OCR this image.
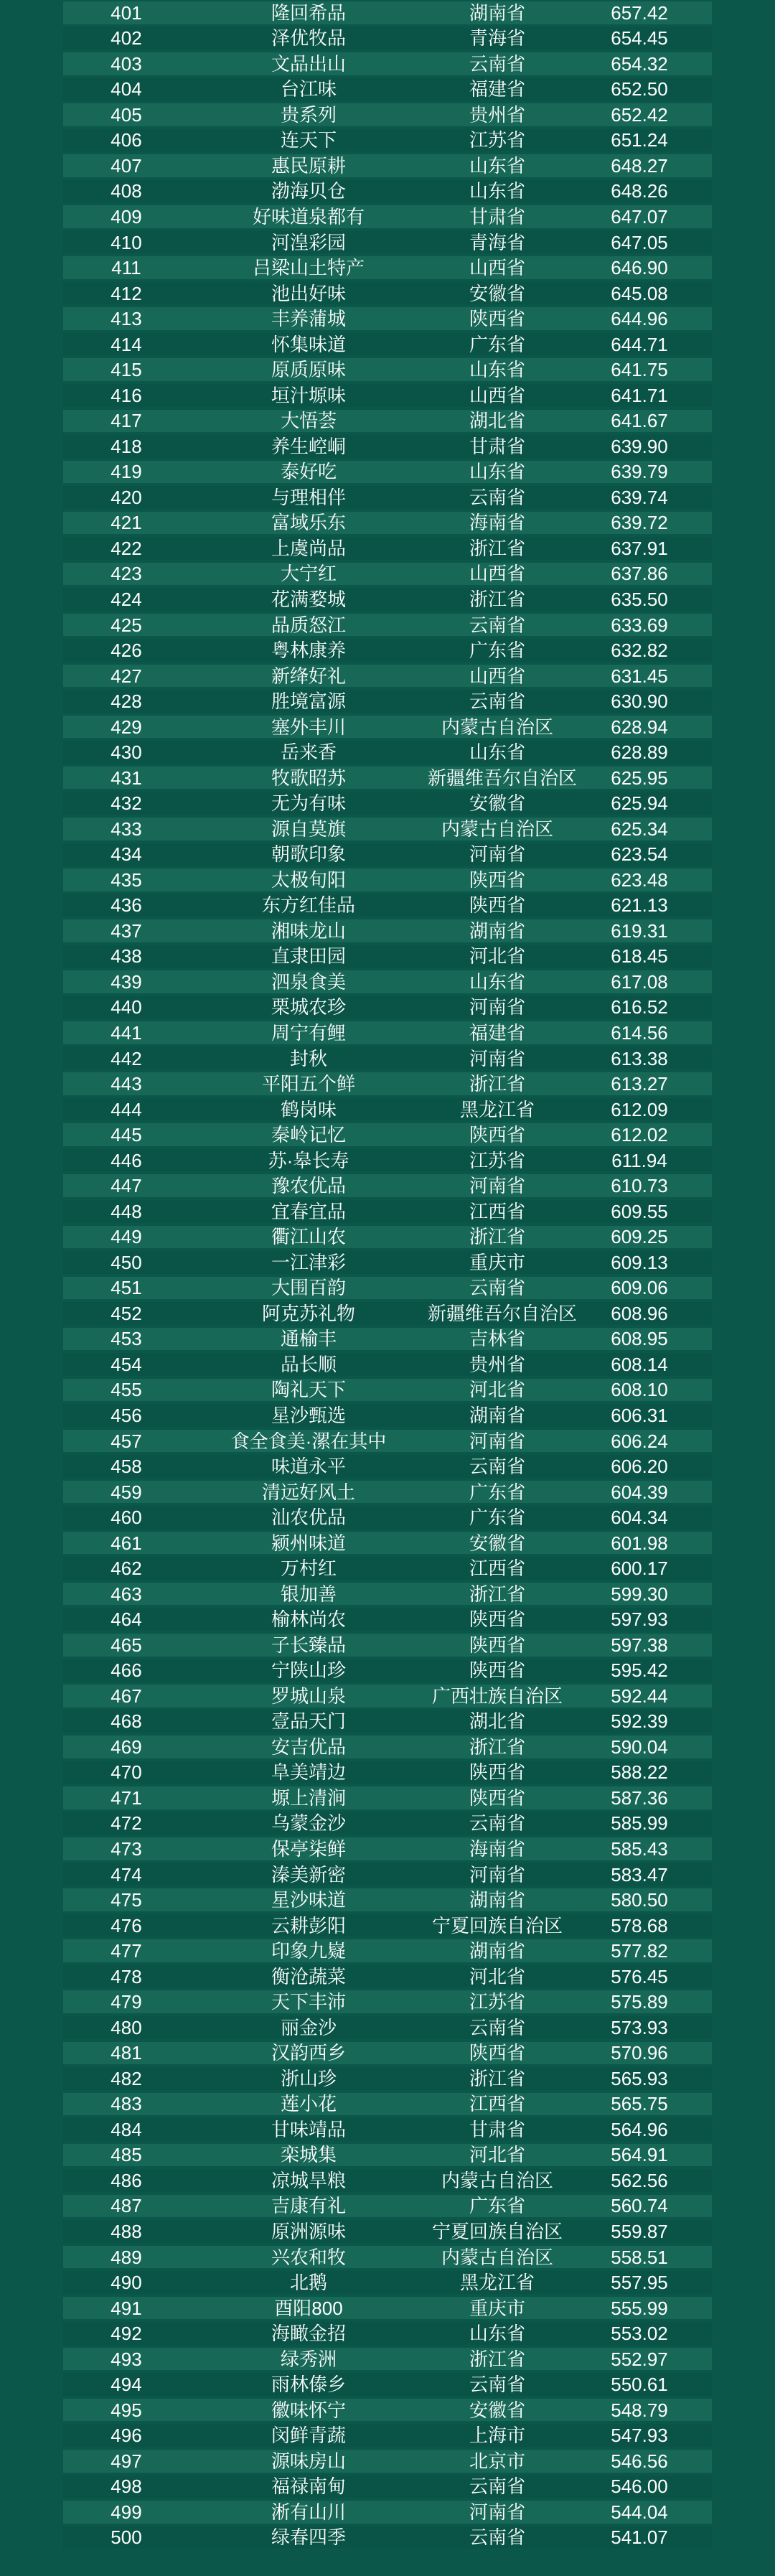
401	隆回希品	湖南省	657.42
402	泽优牧品	青海省	654.45
403	文品出山	云南省	654.32
404	台江味	福建省	652.50
405	贵系列	贵州省	652.42
406	连天下	江苏省	651.24
407	惠民原耕	山东省	648.27
408	渤海贝仓	山东省	648.26
409	好味道泉都有	甘肃省	647.07
410	河湟彩园	青海省	647.05
411	吕梁山土特产	山西省	646.90
412	池出好味	安徽省	645.08
413	丰养蒲城	陕西省	644.96
414	怀集味道	广东省	644.71
415	原质原味	山东省	641.75
416	垣汁塬味	山西省	641.71
417	大悟荟	湖北省	641.67
418	养生崆峒	甘肃省	639.90
419	泰好吃	山东省	639.79
420	与理相伴	云南省	639.74
421	富域乐东	海南省	639.72
422	上虞尚品	浙江省	637.91
423	大宁红	山西省	637.86
424	花满婺城	浙江省	635.50
425	品质怒江	云南省	633.69
426	粤林康养	广东省	632.82
427	新绛好礼	山西省	631.45
428	胜境富源	云南省	630.90
429	塞外丰川	内蒙古自治区	628.94
430	岳来香	山东省	628.89
431	牧歌昭苏	新疆维吾尔自治区	625.95
432	无为有味	安徽省	625.94
433	源自莫旗	内蒙古自治区	625.34
434	朝歌印象	河南省	623.54
435	太极旬阳	陕西省	623.48
436	东方红佳品	陕西省	621.13
437	湘味龙山	湖南省	619.31
438	直隶田园	河北省	618.45
439	泗泉食美	山东省	617.08
440	栗城农珍	河南省	616.52
441	周宁有鲤	福建省	614.56
442	封秋	河南省	613.38
443	平阳五个鲜	浙江省	613.27
444	鹤岗味	黑龙江省	612.09
445	秦岭记忆	陕西省	612.02
446	苏·皋长寿	江苏省	611.94
447	豫农优品	河南省	610.73
448	宜春宜品	江西省	609.55
449	衢江山农	浙江省	609.25
450	一江津彩	重庆市	609.13
451	大围百韵	云南省	609.06
452	阿克苏礼物	新疆维吾尔自治区	608.96
453	通榆丰	吉林省	608.95
454	品长顺	贵州省	608.14
455	陶礼天下	河北省	608.10
456	星沙甄选	湖南省	606.31
457	食全食美·漯在其中	河南省	606.24
458	味道永平	云南省	606.20
459	清远好风土	广东省	604.39
460	汕农优品	广东省	604.34
461	颍州味道	安徽省	601.98
462	万村红	江西省	600.17
463	银加善	浙江省	599.30
464	榆林尚农	陕西省	597.93
465	子长臻品	陕西省	597.38
466	宁陕山珍	陕西省	595.42
467	罗城山泉	广西壮族自治区	592.44
468	壹品天门	湖北省	592.39
469	安吉优品	浙江省	590.04
470	阜美靖边	陕西省	588.22
471	塬上清涧	陕西省	587.36
472	乌蒙金沙	云南省	585.99
473	保亭柒鲜	海南省	585.43
474	溱美新密	河南省	583.47
475	星沙味道	湖南省	580.50
476	云耕彭阳	宁夏回族自治区	578.68
477	印象九嶷	湖南省	577.82
478	衡沧蔬菜	河北省	576.45
479	天下丰沛	江苏省	575.89
480	丽金沙	云南省	573.93
481	汉韵西乡	陕西省	570.96
482	浙山珍	浙江省	565.93
483	莲小花	江西省	565.75
484	甘味靖品	甘肃省	564.96
485	栾城集	河北省	564.91
486	凉城旱粮	内蒙古自治区	562.56
487	吉康有礼	广东省	560.74
488	原洲源味	宁夏回族自治区	559.87
489	兴农和牧	内蒙古自治区	558.51
490	北鹅	黑龙江省	557.95
491	酉阳800	重庆市	555.99
492	海瞰金招	山东省	553.02
493	绿秀洲	浙江省	552.97
494	雨林傣乡	云南省	550.61
495	徽味怀宁	安徽省	548.79
496	闵鲜青蔬	上海市	547.93
497	源味房山	北京市	546.56
498	福禄南甸	云南省	546.00
499	淅有山川	河南省	544.04
500	绿春四季	云南省	541.07
